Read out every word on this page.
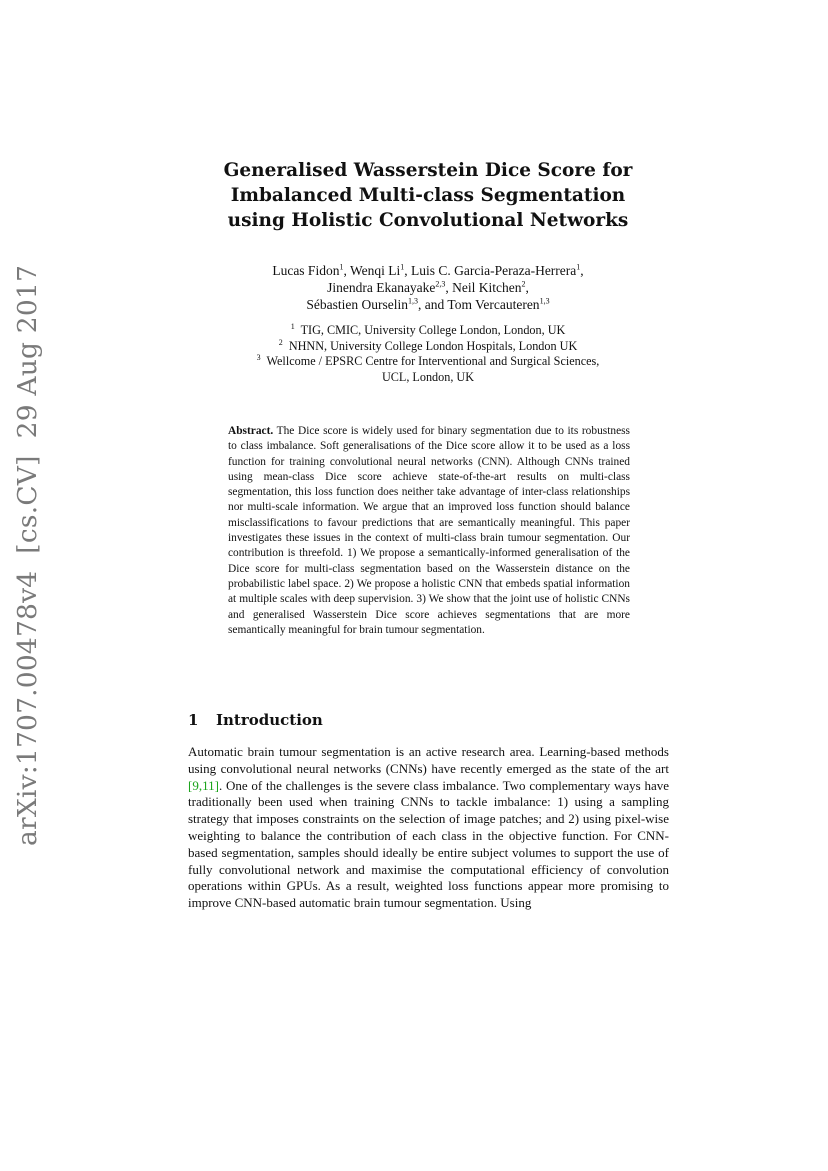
arXiv:1707.00478v4[cs.CV]29 Aug 2017
Generalised Wasserstein Dice Score for
Imbalanced Multi-class Segmentation
using Holistic Convolutional Networks
Lucas Fidon$^1$, Wenqi Li$^1$, Luis C. Garcia-Peraza-Herrera$^1$,
Jinendra Ekanayake$^{2,3}$, Neil Kitchen$^2$,
Sébastien Ourselin$^{1,3}$, and Tom Vercauteren$^{1,3}$
$^1$ TIG, CMIC, University College London, London, UK
$^2$ NHNN, University College London Hospitals, London UK
$^3$ Wellcome / EPSRC Centre for Interventional and Surgical Sciences,
UCL, London, UK
Abstract. The Dice score is widely used for binary segmentation due to its robustness to class imbalance. Soft generalisations of the Dice score allow it to be used as a loss function for training convolutional neural networks (CNN). Although CNNs trained using mean-class Dice score achieve state-of-the-art results on multi-class segmentation, this loss function does neither take advantage of inter-class relationships nor multi-scale information. We argue that an improved loss function should balance misclassifications to favour predictions that are semantically meaningful. This paper investigates these issues in the context of multi-class brain tumour segmentation. Our contribution is threefold. 1) We propose a semantically-informed generalisation of the Dice score for multi-class segmentation based on the Wasserstein distance on the probabilistic label space. 2) We propose a holistic CNN that embeds spatial information at multiple scales with deep supervision. 3) We show that the joint use of holistic CNNs and generalised Wasserstein Dice score achieves segmentations that are more semantically meaningful for brain tumour segmentation.
1 Introduction
Automatic brain tumour segmentation is an active research area. Learning-based methods using convolutional neural networks (CNNs) have recently emerged as the state of the art [9,11]. One of the challenges is the severe class imbalance. Two complementary ways have traditionally been used when training CNNs to tackle imbalance: 1) using a sampling strategy that imposes constraints on the selection of image patches; and 2) using pixel-wise weighting to balance the contribution of each class in the objective function. For CNN-based segmentation, samples should ideally be entire subject volumes to support the use of fully convolutional network and maximise the computational efficiency of convolution operations within GPUs. As a result, weighted loss functions appear more promising to improve CNN-based automatic brain tumour segmentation. Using
